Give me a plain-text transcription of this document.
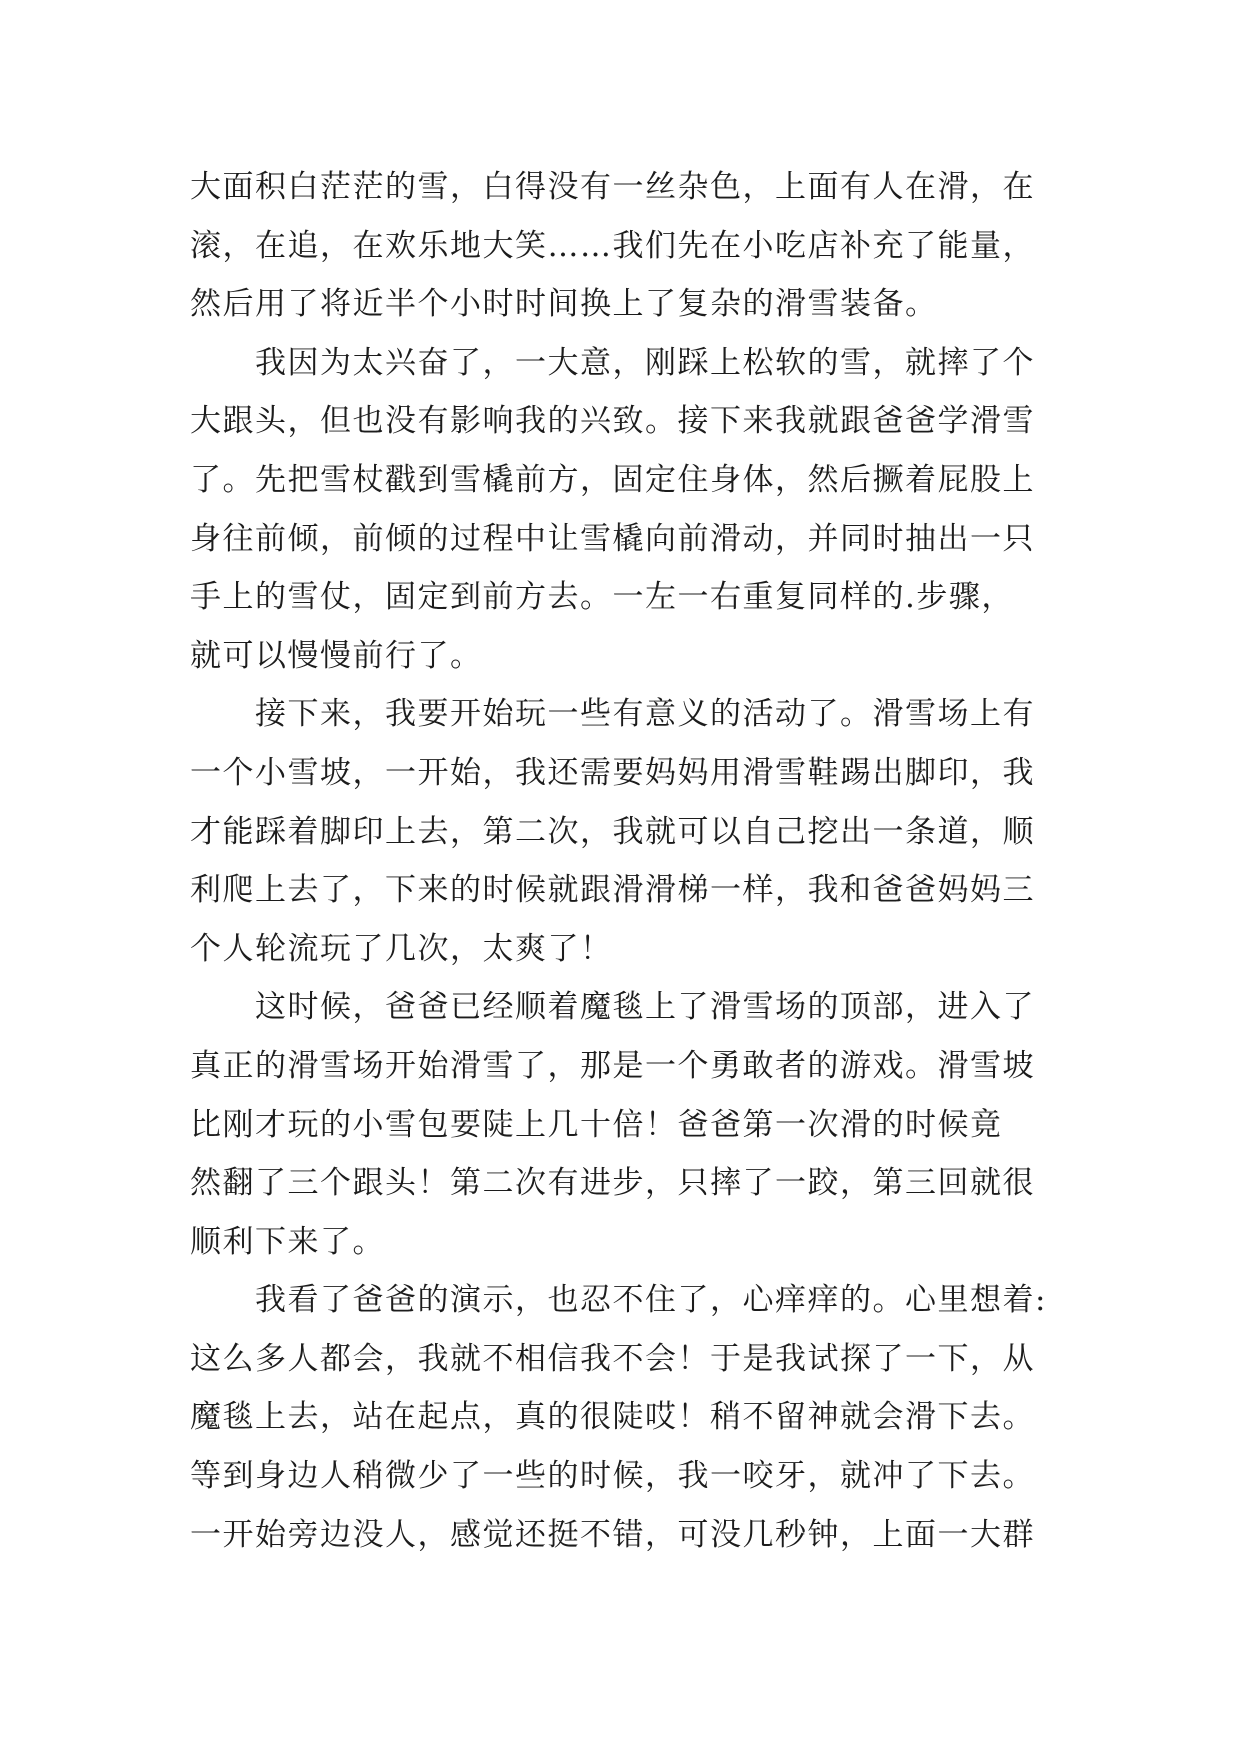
大面积白茫茫的雪，白得没有一丝杂色，上面有人在滑，在
滚，在追，在欢乐地大笑……我们先在小吃店补充了能量，
然后用了将近半个小时时间换上了复杂的滑雪装备。
　　我因为太兴奋了，一大意，刚踩上松软的雪，就摔了个
大跟头，但也没有影响我的兴致。接下来我就跟爸爸学滑雪
了。先把雪杖戳到雪橇前方，固定住身体，然后撅着屁股上
身往前倾，前倾的过程中让雪橇向前滑动，并同时抽出一只
手上的雪仗，固定到前方去。一左一右重复同样的.步骤，
就可以慢慢前行了。
　　接下来，我要开始玩一些有意义的活动了。滑雪场上有
一个小雪坡，一开始，我还需要妈妈用滑雪鞋踢出脚印，我
才能踩着脚印上去，第二次，我就可以自己挖出一条道，顺
利爬上去了，下来的时候就跟滑滑梯一样，我和爸爸妈妈三
个人轮流玩了几次，太爽了！
　　这时候，爸爸已经顺着魔毯上了滑雪场的顶部，进入了
真正的滑雪场开始滑雪了，那是一个勇敢者的游戏。滑雪坡
比刚才玩的小雪包要陡上几十倍！爸爸第一次滑的时候竟
然翻了三个跟头！第二次有进步，只摔了一跤，第三回就很
顺利下来了。
　　我看了爸爸的演示，也忍不住了，心痒痒的。心里想着:
这么多人都会，我就不相信我不会！于是我试探了一下，从
魔毯上去，站在起点，真的很陡哎！稍不留神就会滑下去。
等到身边人稍微少了一些的时候，我一咬牙，就冲了下去。
一开始旁边没人，感觉还挺不错，可没几秒钟，上面一大群
